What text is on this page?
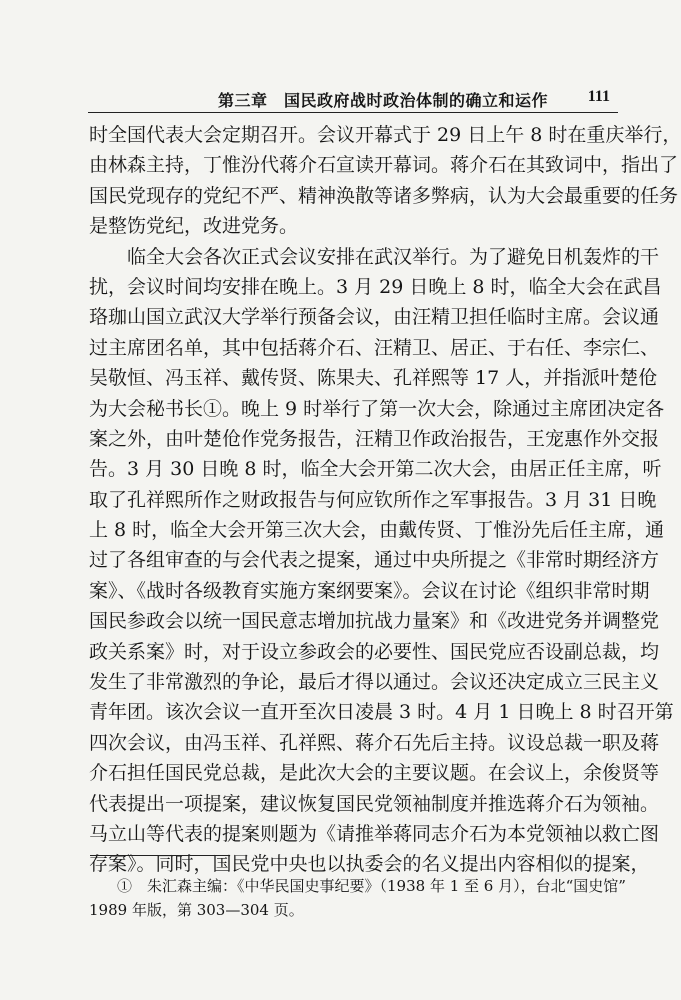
第三章　国民政府战时政治体制的确立和运作 111
时全国代表大会定期召开。会议开幕式于 29 日上午 8 时在重庆举行，
由林森主持，丁惟汾代蒋介石宣读开幕词。蒋介石在其致词中，指出了
国民党现存的党纪不严、精神涣散等诸多弊病，认为大会最重要的任务
是整饬党纪，改进党务。
临全大会各次正式会议安排在武汉举行。为了避免日机轰炸的干
扰，会议时间均安排在晚上。3 月 29 日晚上 8 时，临全大会在武昌
珞珈山国立武汉大学举行预备会议，由汪精卫担任临时主席。会议通
过主席团名单，其中包括蒋介石、汪精卫、居正、于右任、李宗仁、
吴敬恒、冯玉祥、戴传贤、陈果夫、孔祥熙等 17 人，并指派叶楚伧
为大会秘书长①。晚上 9 时举行了第一次大会，除通过主席团决定各
案之外，由叶楚伧作党务报告，汪精卫作政治报告，王宠惠作外交报
告。3 月 30 日晚 8 时，临全大会开第二次大会，由居正任主席，听
取了孔祥熙所作之财政报告与何应钦所作之军事报告。3 月 31 日晚
上 8 时，临全大会开第三次大会，由戴传贤、丁惟汾先后任主席，通
过了各组审查的与会代表之提案，通过中央所提之《非常时期经济方
案》、《战时各级教育实施方案纲要案》。会议在讨论《组织非常时期
国民参政会以统一国民意志增加抗战力量案》和《改进党务并调整党
政关系案》时，对于设立参政会的必要性、国民党应否设副总裁，均
发生了非常激烈的争论，最后才得以通过。会议还决定成立三民主义
青年团。该次会议一直开至次日凌晨 3 时。4 月 1 日晚上 8 时召开第
四次会议，由冯玉祥、孔祥熙、蒋介石先后主持。议设总裁一职及蒋
介石担任国民党总裁，是此次大会的主要议题。在会议上，余俊贤等
代表提出一项提案，建议恢复国民党领袖制度并推选蒋介石为领袖。
马立山等代表的提案则题为《请推举蒋同志介石为本党领袖以救亡图
存案》。同时，国民党中央也以执委会的名义提出内容相似的提案，
①　朱汇森主编：《中华民国史事纪要》（1938 年 1 至 6 月），台北“国史馆”
1989 年版，第 303—304 页。
